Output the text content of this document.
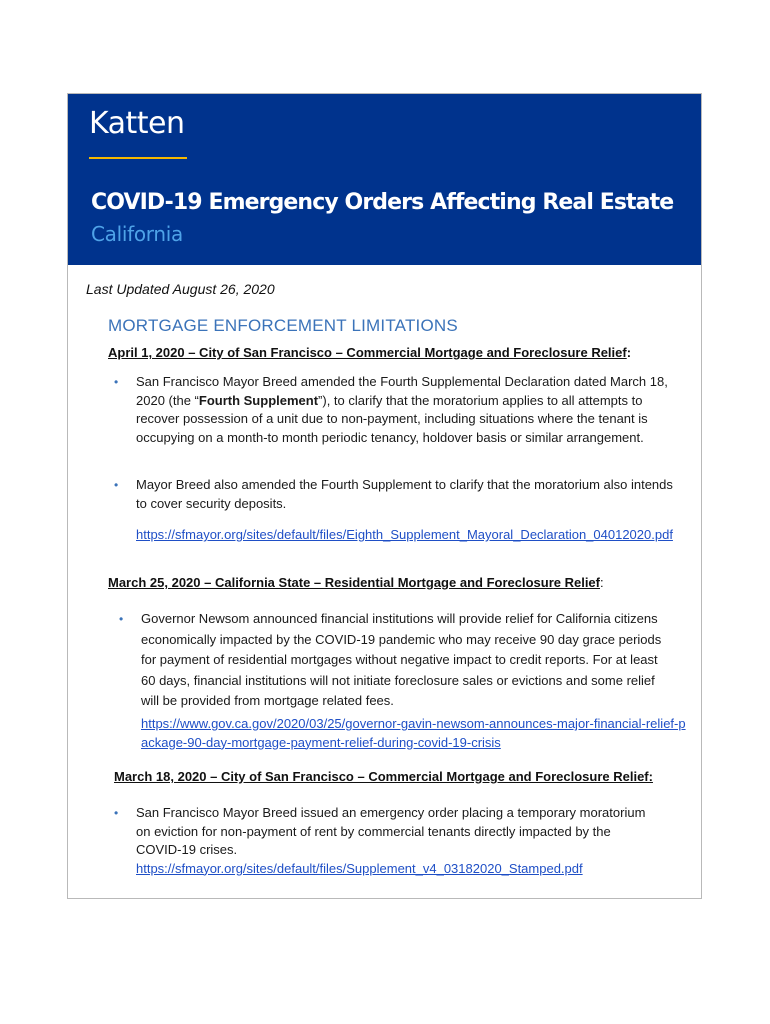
Katten
COVID-19 Emergency Orders Affecting Real Estate
California
Last Updated August 26, 2020
MORTGAGE ENFORCEMENT LIMITATIONS
April 1, 2020 – City of San Francisco – Commercial Mortgage and Foreclosure Relief:
• San Francisco Mayor Breed amended the Fourth Supplemental Declaration dated March 18, 2020 (the “Fourth Supplement”), to clarify that the moratorium applies to all attempts to recover possession of a unit due to non-payment, including situations where the tenant is occupying on a month-to month periodic tenancy, holdover basis or similar arrangement.
• Mayor Breed also amended the Fourth Supplement to clarify that the moratorium also intends to cover security deposits.
https://sfmayor.org/sites/default/files/Eighth_Supplement_Mayoral_Declaration_04012020.pdf
March 25, 2020 – California State – Residential Mortgage and Foreclosure Relief:
• Governor Newsom announced financial institutions will provide relief for California citizens economically impacted by the COVID-19 pandemic who may receive 90 day grace periods for payment of residential mortgages without negative impact to credit reports. For at least 60 days, financial institutions will not initiate foreclosure sales or evictions and some relief will be provided from mortgage related fees.
https://www.gov.ca.gov/2020/03/25/governor-gavin-newsom-announces-major-financial-relief-package-90-day-mortgage-payment-relief-during-covid-19-crisis
March 18, 2020 – City of San Francisco – Commercial Mortgage and Foreclosure Relief:
• San Francisco Mayor Breed issued an emergency order placing a temporary moratorium on eviction for non-payment of rent by commercial tenants directly impacted by the COVID-19 crises.
https://sfmayor.org/sites/default/files/Supplement_v4_03182020_Stamped.pdf
